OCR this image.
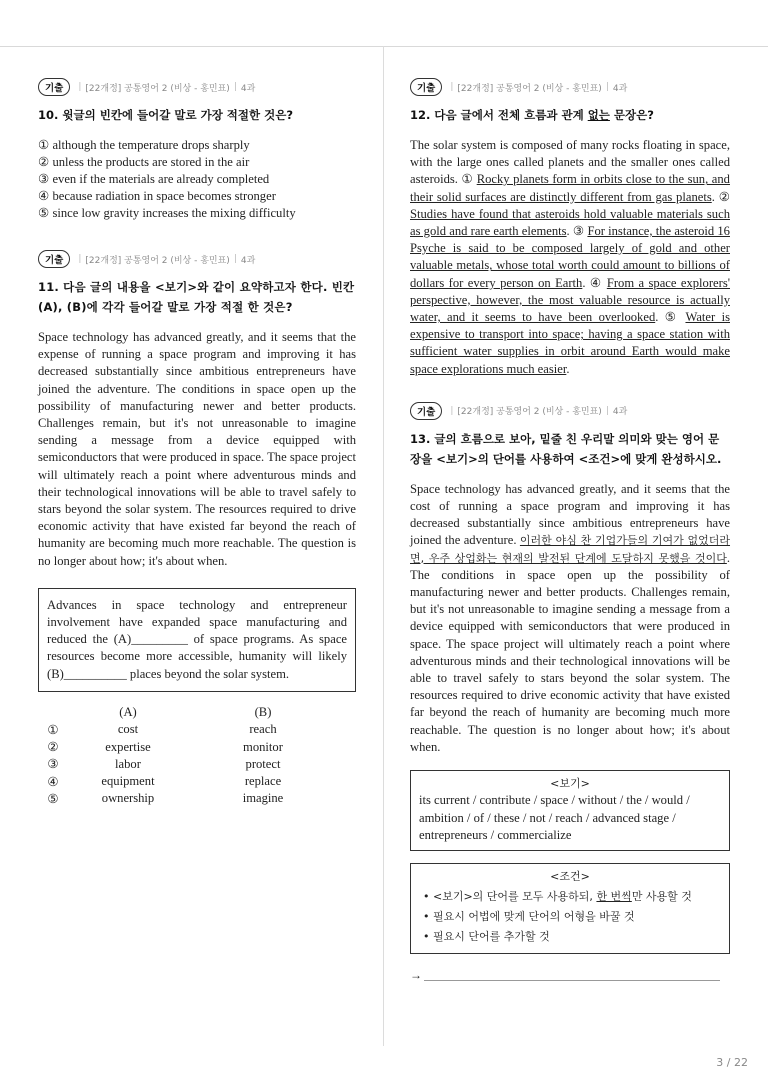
기출	| [22개정] 공통영어 2 (비상 - 홍민표) | 4과
10. 윗글의 빈칸에 들어갈 말로 가장 적절한 것은?
① although the temperature drops sharply
② unless the products are stored in the air
③ even if the materials are already completed
④ because radiation in space becomes stronger
⑤ since low gravity increases the mixing difficulty
기출	| [22개정] 공통영어 2 (비상 - 홍민표) | 4과
11. 다음 글의 내용을 <보기>와 같이 요약하고자 한다. 빈칸 (A), (B)에 각각 들어갈 말로 가장 적절 한 것은?

Space technology has advanced greatly, and it seems that the expense of running a space program and improving it has decreased substantially since ambitious entrepreneurs have joined the adventure. The conditions in space open up the possibility of manufacturing newer and better products. Challenges remain, but it's not unreasonable to imagine sending a message from a device equipped with semiconductors that were produced in space. The space project will ultimately reach a point where adventurous minds and their technological innovations will be able to travel safely to stars beyond the solar system. The resources required to drive economic activity that have existed far beyond the reach of humanity are becoming much more reachable. The question is no longer about how; it's about when.

Advances in space technology and entrepreneur involvement have expanded space manufacturing and reduced the (A)_________ of space programs. As space resources become more accessible, humanity will likely (B)__________ places beyond the solar system.
	(A)	(B)
①	cost	reach
②	expertise	monitor
③	labor	protect
④	equipment	replace
⑤	ownership	imagine
기출	| [22개정] 공통영어 2 (비상 - 홍민표) | 4과
12. 다음 글에서 전체 흐름과 관계 없는 문장은?

The solar system is composed of many rocks floating in space, with the large ones called planets and the smaller ones called asteroids. ① Rocky planets form in orbits close to the sun, and their solid surfaces are distinctly different from gas planets. ② Studies have found that asteroids hold valuable materials such as gold and rare earth elements. ③ For instance, the asteroid 16 Psyche is said to be composed largely of gold and other valuable metals, whose total worth could amount to billions of dollars for every person on Earth. ④ From a space explorers' perspective, however, the most valuable resource is actually water, and it seems to have been overlooked. ⑤ Water is expensive to transport into space; having a space station with sufficient water supplies in orbit around Earth would make space explorations much easier.

기출	| [22개정] 공통영어 2 (비상 - 홍민표) | 4과
13. 글의 흐름으로 보아, 밑줄 친 우리말 의미와 맞는 영어 문장을 <보기>의 단어를 사용하여 <조건>에 맞게 완성하시오.

Space technology has advanced greatly, and it seems that the cost of running a space program and improving it has decreased substantially since ambitious entrepreneurs have joined the adventure. 이러한 야심 찬 기업가들의 기여가 없었더라면, 우주 상업화는 현재의 발전된 단계에 도달하지 못했을 것이다. The conditions in space open up the possibility of manufacturing newer and better products. Challenges remain, but it's not unreasonable to imagine sending a message from a device equipped with semiconductors that were produced in space. The space project will ultimately reach a point where adventurous minds and their technological innovations will be able to travel safely to stars beyond the solar system. The resources required to drive economic activity that have existed far beyond the reach of humanity are becoming much more reachable. The question is no longer about how; it's about when.

<보기>
its current / contribute / space / without / the / would / ambition / of / these / not / reach / advanced stage / entrepreneurs / commercialize
<조건>
• <보기>의 단어를 모두 사용하되, 한 번씩만 사용할 것
• 필요시 어법에 맞게 단어의 어형을 바꿀 것
• 필요시 단어를 추가할 것
→
3 / 22
